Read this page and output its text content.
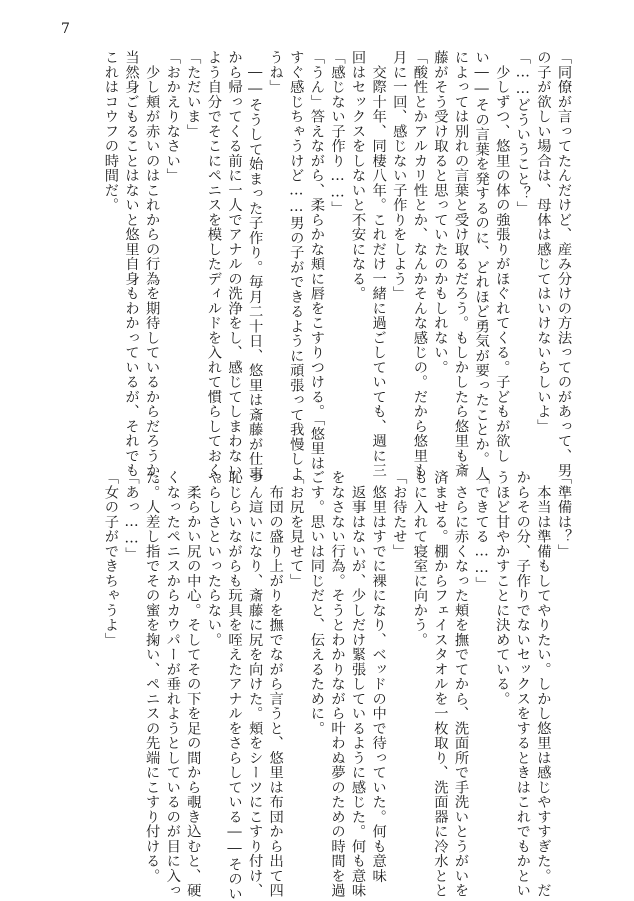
7
「同僚が言ってたんだけど、産み分けの方法ってのがあって、男
の子が欲しい場合は、母体は感じてはいけないらしいよ」
「……どういうこと？」
　少しずつ、悠里の体の強張りがほぐれてくる。子どもが欲し
い――その言葉を発するのに、どれほど勇気が要ったことか。人
によっては別れの言葉と受け取るだろう。もしかしたら悠里も斎
藤がそう受け取ると思っていたのかもしれない。
「酸性とかアルカリ性とか、なんかそんな感じの。だから悠里も
月に一回、感じない子作りをしよう」
　交際十年、同棲八年。これだけ一緒に過ごしていても、週に三
回はセックスをしないと不安になる。
「感じない子作り……」
「うん」答えながら、柔らかな頬に唇をこすりつける。「悠里は
すぐ感じちゃうけど……男の子ができるように頑張って我慢しよ
うね」
　――そうして始まった子作り。毎月二十日、悠里は斎藤が仕事
から帰ってくる前に一人でアナルの洗浄をし、感じてしまわない
よう自分でそこにペニスを模したディルドを入れて慣らしておく。
「ただいま」
「おかえりなさい」
　少し頬が赤いのはこれからの行為を期待しているからだろうか。
当然身ごもることはないと悠里自身もわかっているが、それでも
これはコウフの時間だ。
「準備は？」
　本当は準備もしてやりたい。しかし悠里は感じやすすぎた。だ
からその分、子作りでないセックスをするときはこれでもかとい
うほど甘やかすことに決めている。
「できてる……」
　さらに赤くなった頬を撫でてから、洗面所で手洗いとうがいを
済ませる。棚からフェイスタオルを一枚取り、洗面器に冷水とと
もに入れて寝室に向かう。
「お待たせ」
　悠里はすでに裸になり、ベッドの中で待っていた。何も意味
　返事はないが、少しだけ緊張しているように感じた。何も意味
をなさない行為。そうとわかりながら叶わぬ夢のための時間を過
ごす。思いは同じだと、伝えるために。
「お尻を見せて」
　布団の盛り上がりを撫でながら言うと、悠里は布団から出て四
つん這いになり、斎藤に尻を向けた。頬をシーツにこすり付け、
恥じらいながらも玩具を咥えたアナルをさらしている――そのい
やらしさといったらない。
　柔らかい尻の中心。そしてその下を足の間から覗き込むと、硬
くなったペニスからカウパーが垂れようとしているのが目に入っ
た。人差し指でその蜜を掬い、ペニスの先端にこすり付ける。
「あっ……」
「女の子ができちゃうよ」
